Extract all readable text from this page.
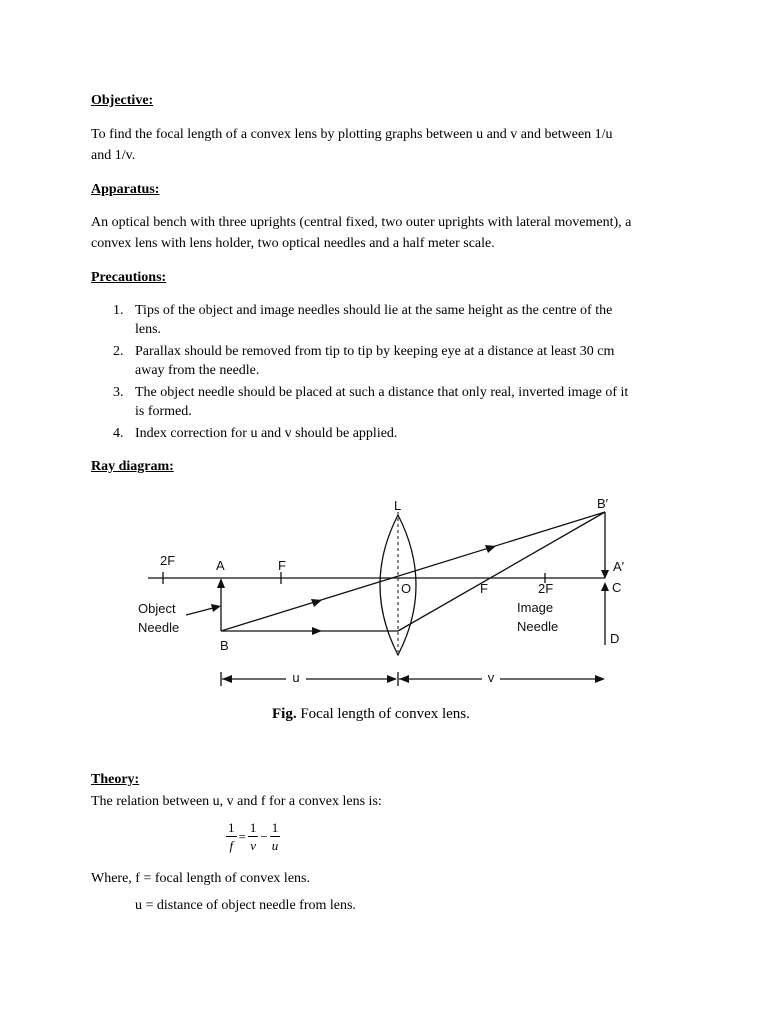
Objective:
To find the focal length of a convex lens by plotting graphs between u and v and between 1/u
and 1/v.
Apparatus:
An optical bench with three uprights (central fixed, two outer uprights with lateral movement), a
convex lens with lens holder, two optical needles and a half meter scale.
Precautions:
1. Tips of the object and image needles should lie at the same height as the centre of the
lens.
2. Parallax should be removed from tip to tip by keeping eye at a distance at least 30 cm
away from the needle.
3. The object needle should be placed at such a distance that only real, inverted image of it
is formed.
4. Index correction for u and v should be applied.
Ray diagram:
2F	A	F
L
O	F	2F
B′
A′
C
D
B
Object
Needle
Image
Needle
u	v
Fig. Focal length of convex lens.
Theory:
The relation between u, v and f for a convex lens is:
$\frac{1}{f} = \frac{1}{v} - \frac{1}{u}$
Where, f = focal length of convex lens.
u = distance of object needle from lens.
